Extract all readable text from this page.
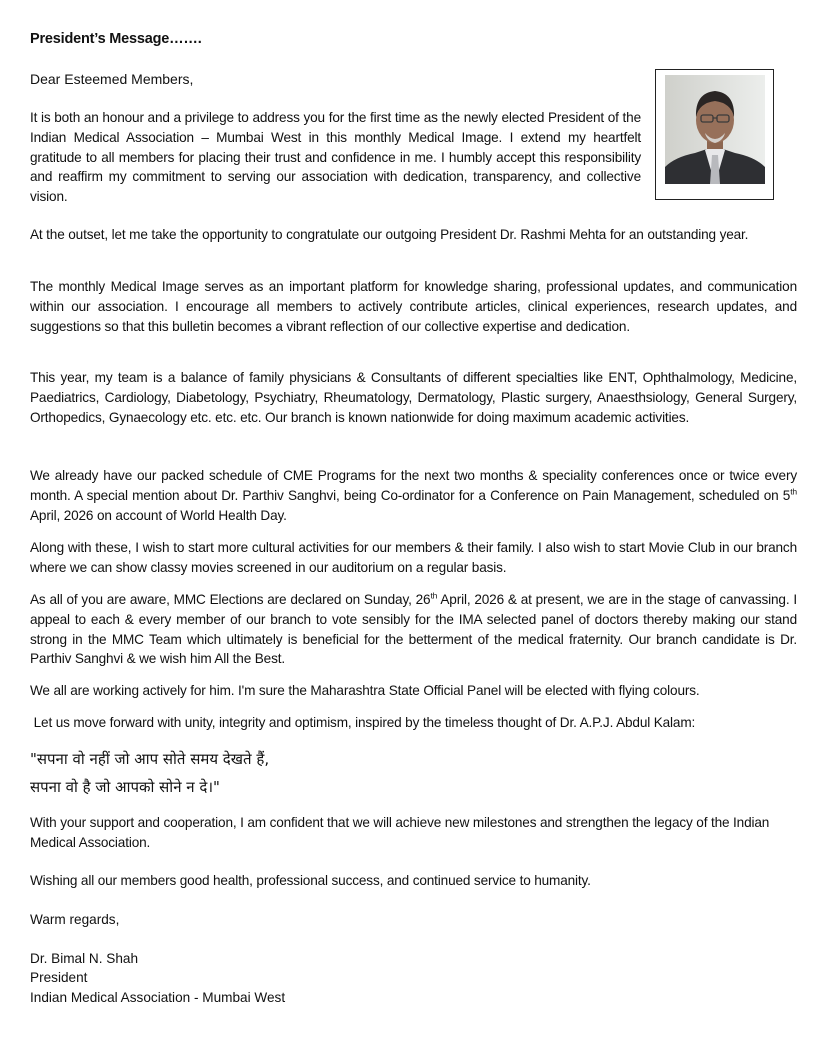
President’s Message…….
Dear Esteemed Members,
It is both an honour and a privilege to address you for the first time as the newly elected President of the Indian Medical Association – Mumbai West in this monthly Medical Image. I extend my heartfelt gratitude to all members for placing their trust and confidence in me. I humbly accept this responsibility and reaffirm my commitment to serving our association with dedication, transparency, and collective vision.
At the outset, let me take the opportunity to congratulate our outgoing President Dr. Rashmi Mehta for an outstanding year.
The monthly Medical Image serves as an important platform for knowledge sharing, professional updates, and communication within our association. I encourage all members to actively contribute articles, clinical experiences, research updates, and suggestions so that this bulletin becomes a vibrant reflection of our collective expertise and dedication.
This year, my team is a balance of family physicians & Consultants of different specialties like ENT, Ophthalmology, Medicine, Paediatrics, Cardiology, Diabetology, Psychiatry, Rheumatology, Dermatology, Plastic surgery, Anaesthsiology, General Surgery, Orthopedics, Gynaecology etc. etc. etc. Our branch is known nationwide for doing maximum academic activities.
We already have our packed schedule of CME Programs for the next two months & speciality conferences once or twice every month. A special mention about Dr. Parthiv Sanghvi, being Co-ordinator for a Conference on Pain Management, scheduled on 5th April, 2026 on account of World Health Day.
Along with these, I wish to start more cultural activities for our members & their family. I also wish to start Movie Club in our branch where we can show classy movies screened in our auditorium on a regular basis.
As all of you are aware, MMC Elections are declared on Sunday, 26th April, 2026 & at present, we are in the stage of canvassing. I appeal to each & every member of our branch to vote sensibly for the IMA selected panel of doctors thereby making our stand strong in the MMC Team which ultimately is beneficial for the betterment of the medical fraternity. Our branch candidate is Dr. Parthiv Sanghvi & we wish him All the Best.
We all are working actively for him. I'm sure the Maharashtra State Official Panel will be elected with flying colours.
Let us move forward with unity, integrity and optimism, inspired by the timeless thought of Dr. A.P.J. Abdul Kalam:
"सपना वो नहीं जो आप सोते समय देखते हैं,
सपना वो है जो आपको सोने न दे।"
With your support and cooperation, I am confident that we will achieve new milestones and strengthen the legacy of the Indian Medical Association.
Wishing all our members good health, professional success, and continued service to humanity.
Warm regards,
Dr. Bimal N. Shah
President
Indian Medical Association - Mumbai West
